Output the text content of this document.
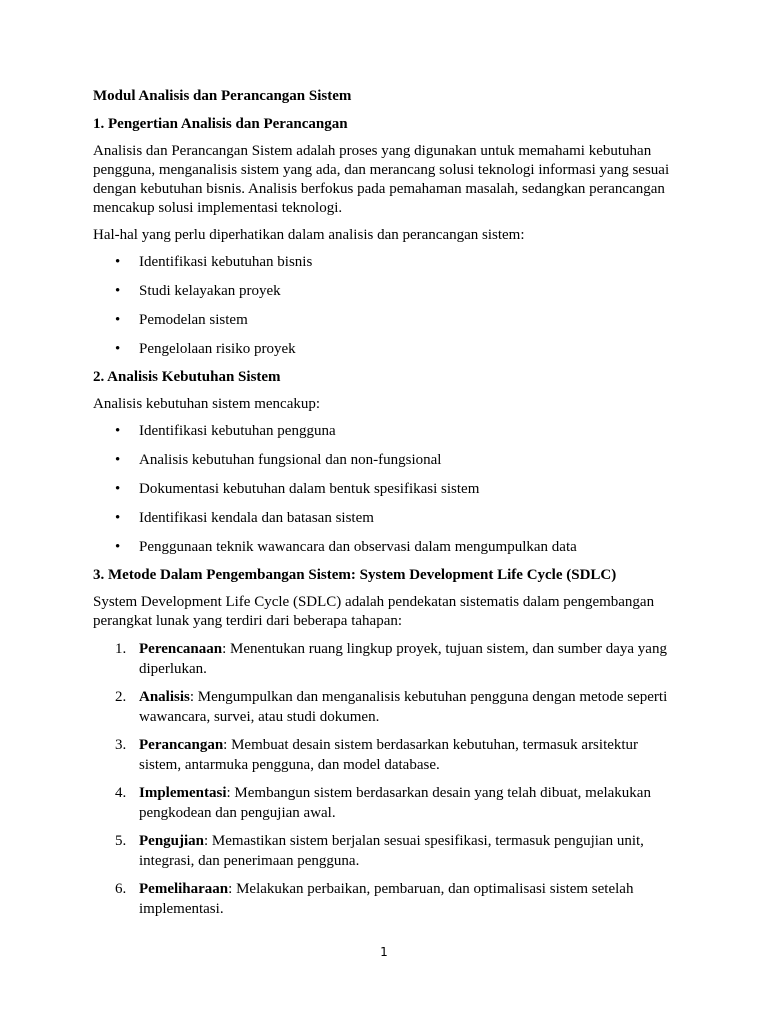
Modul Analisis dan Perancangan Sistem
1. Pengertian Analisis dan Perancangan
Analisis dan Perancangan Sistem adalah proses yang digunakan untuk memahami kebutuhan pengguna, menganalisis sistem yang ada, dan merancang solusi teknologi informasi yang sesuai dengan kebutuhan bisnis. Analisis berfokus pada pemahaman masalah, sedangkan perancangan mencakup solusi implementasi teknologi.
Hal-hal yang perlu diperhatikan dalam analisis dan perancangan sistem:
• Identifikasi kebutuhan bisnis
• Studi kelayakan proyek
• Pemodelan sistem
• Pengelolaan risiko proyek
2. Analisis Kebutuhan Sistem
Analisis kebutuhan sistem mencakup:
• Identifikasi kebutuhan pengguna
• Analisis kebutuhan fungsional dan non-fungsional
• Dokumentasi kebutuhan dalam bentuk spesifikasi sistem
• Identifikasi kendala dan batasan sistem
• Penggunaan teknik wawancara dan observasi dalam mengumpulkan data
3. Metode Dalam Pengembangan Sistem: System Development Life Cycle (SDLC)
System Development Life Cycle (SDLC) adalah pendekatan sistematis dalam pengembangan perangkat lunak yang terdiri dari beberapa tahapan:
1. Perencanaan: Menentukan ruang lingkup proyek, tujuan sistem, dan sumber daya yang diperlukan.
2. Analisis: Mengumpulkan dan menganalisis kebutuhan pengguna dengan metode seperti wawancara, survei, atau studi dokumen.
3. Perancangan: Membuat desain sistem berdasarkan kebutuhan, termasuk arsitektur sistem, antarmuka pengguna, dan model database.
4. Implementasi: Membangun sistem berdasarkan desain yang telah dibuat, melakukan pengkodean dan pengujian awal.
5. Pengujian: Memastikan sistem berjalan sesuai spesifikasi, termasuk pengujian unit, integrasi, dan penerimaan pengguna.
6. Pemeliharaan: Melakukan perbaikan, pembaruan, dan optimalisasi sistem setelah implementasi.
1
